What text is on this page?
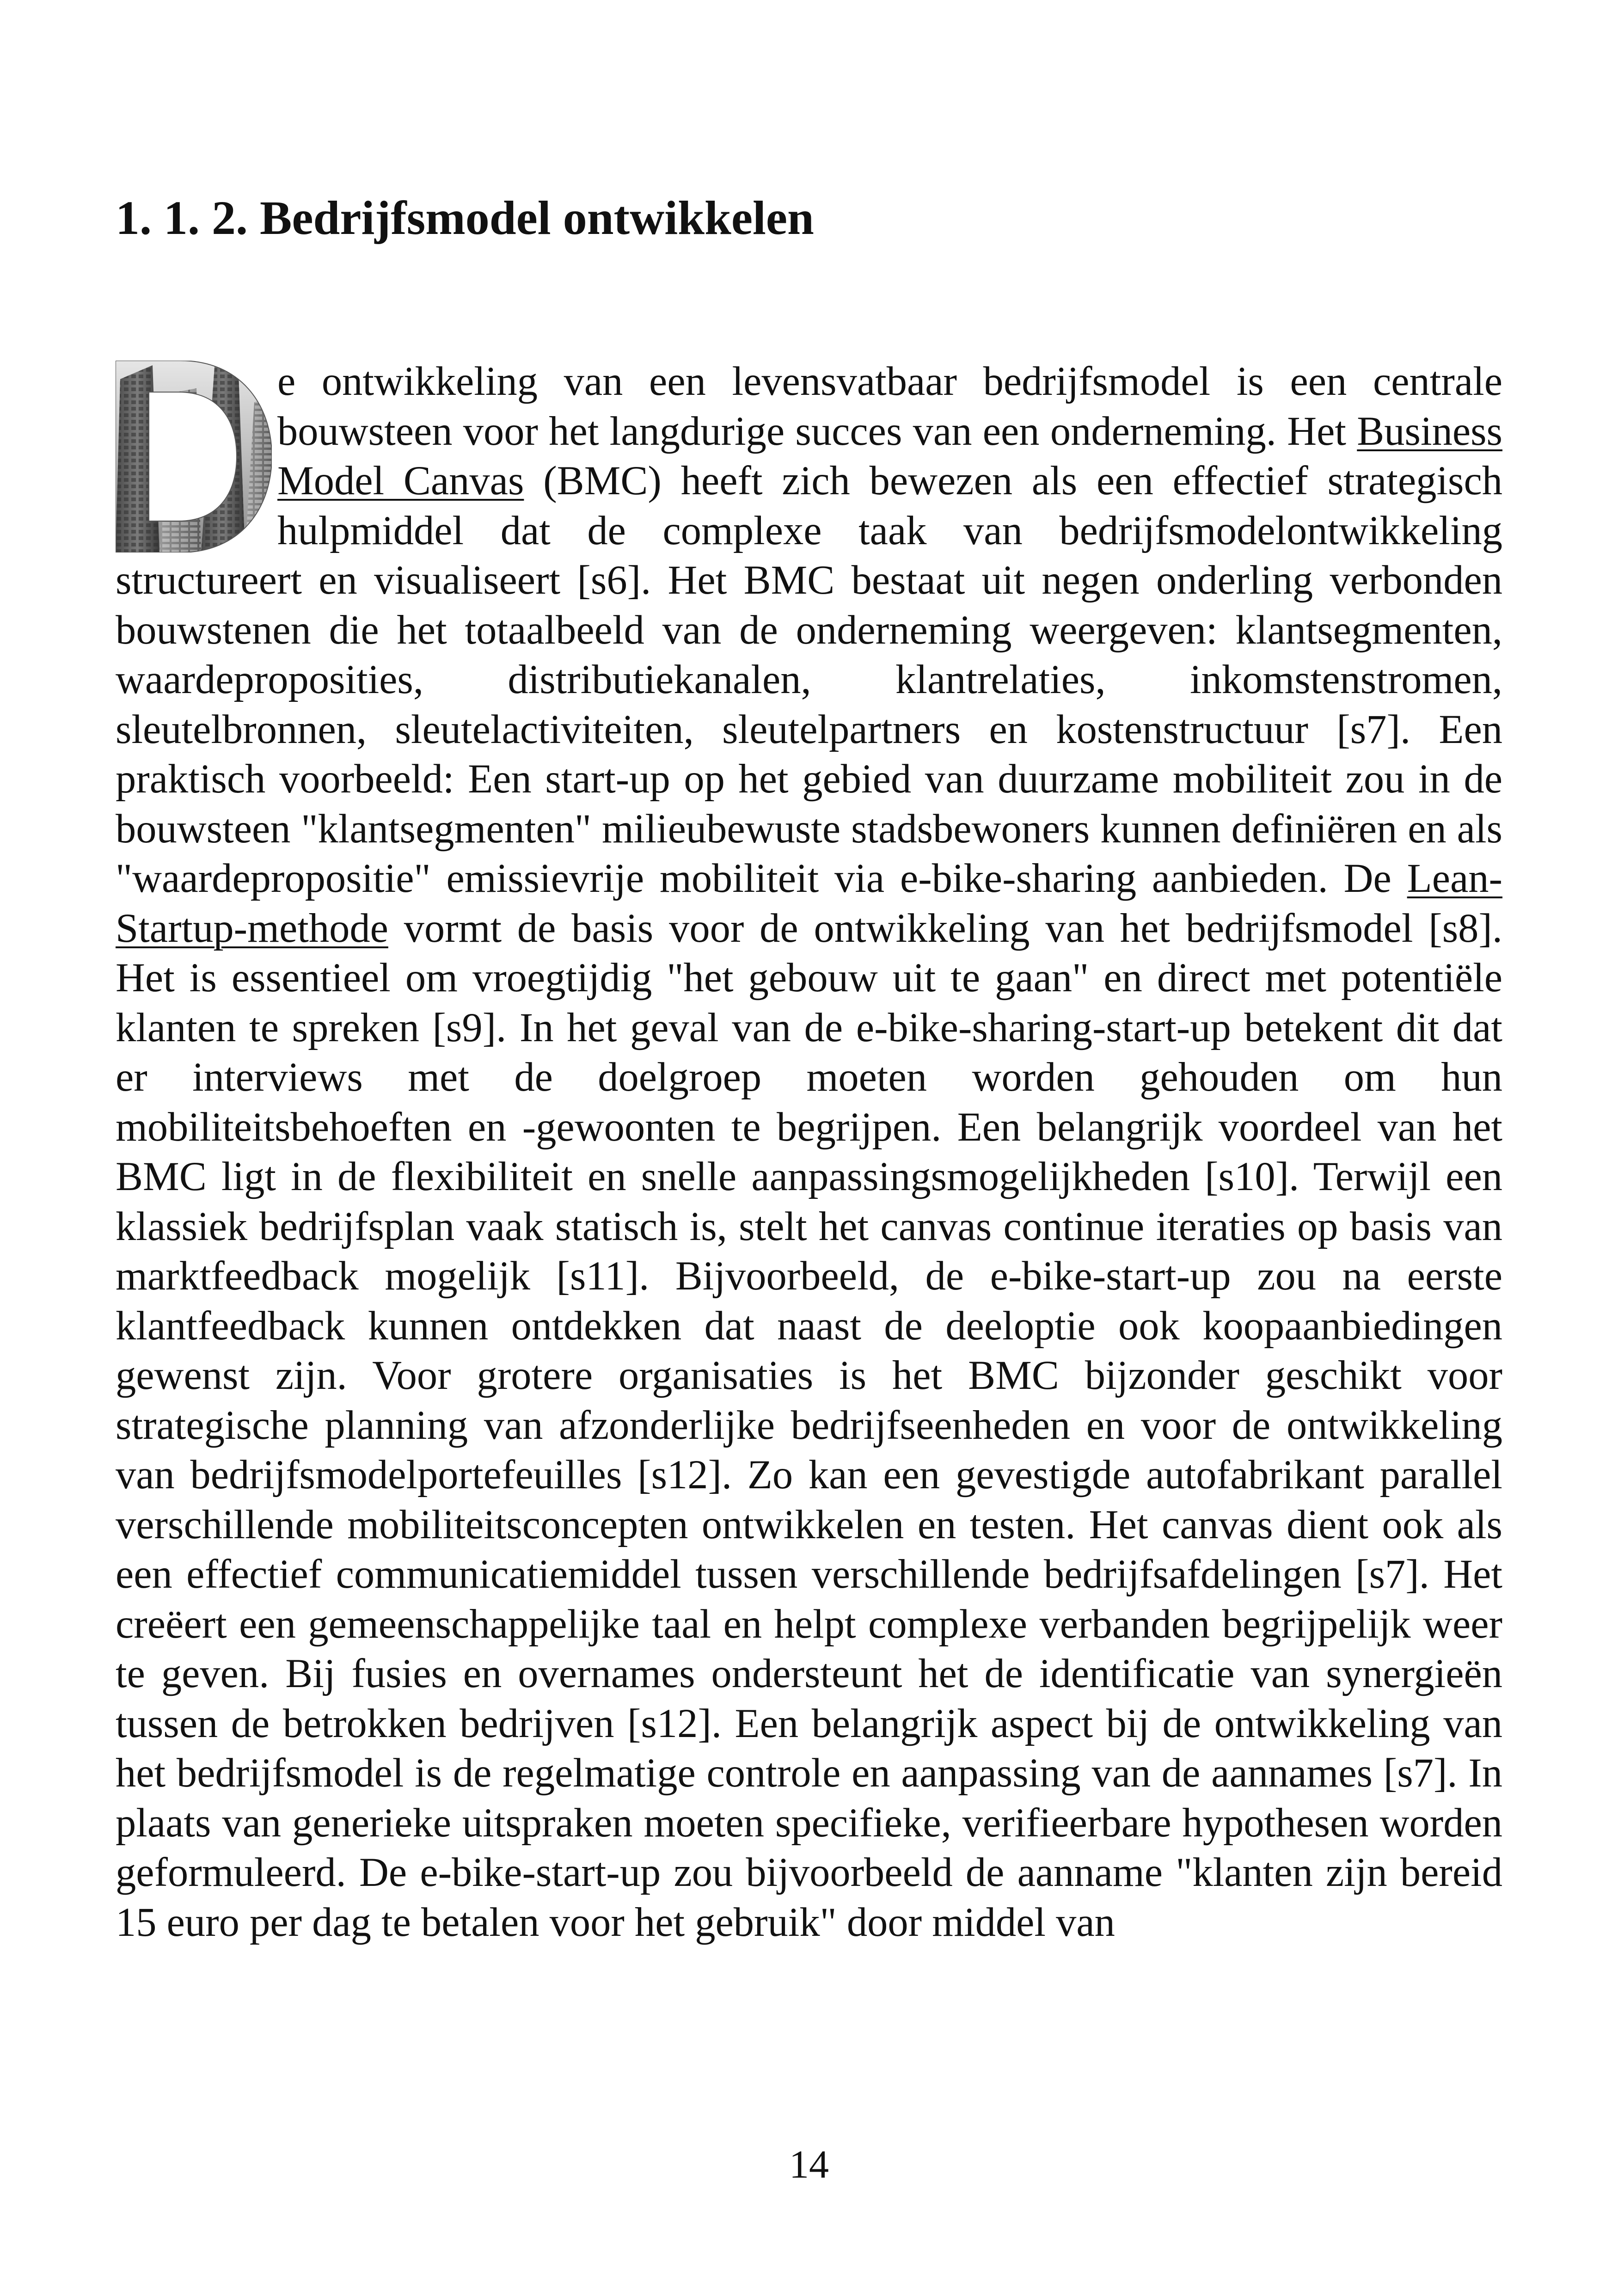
1. 1. 2. Bedrijfsmodel ontwikkelen
e ontwikkeling van een levensvatbaar bedrijfsmodel is een centrale bouwsteen voor het langdurige succes van een onderneming. Het Business Model Canvas (BMC) heeft zich bewezen als een effectief strategisch hulpmiddel dat de complexe taak van bedrijfsmodelontwikkeling structureert en visualiseert [s6]. Het BMC bestaat uit negen onderling verbonden bouwstenen die het totaalbeeld van de onderneming weergeven: klantsegmenten, waardeproposities, distributiekanalen, klantrelaties, inkomstenstromen, sleutelbronnen, sleutelactiviteiten, sleutelpartners en kostenstructuur [s7]. Een praktisch voorbeeld: Een start-up op het gebied van duurzame mobiliteit zou in de bouwsteen "klantsegmenten" milieubewuste stadsbewoners kunnen definiëren en als "waardepropositie" emissievrije mobiliteit via e-bike-sharing aanbieden. De Lean-Startup-methode vormt de basis voor de ontwikkeling van het bedrijfsmodel [s8]. Het is essentieel om vroegtijdig "het gebouw uit te gaan" en direct met potentiële klanten te spreken [s9]. In het geval van de e-bike-sharing-start-up betekent dit dat er interviews met de doelgroep moeten worden gehouden om hun mobiliteitsbehoeften en -gewoonten te begrijpen. Een belangrijk voordeel van het BMC ligt in de flexibiliteit en snelle aanpassingsmogelijkheden [s10]. Terwijl een klassiek bedrijfsplan vaak statisch is, stelt het canvas continue iteraties op basis van marktfeedback mogelijk [s11]. Bijvoorbeeld, de e-bike-start-up zou na eerste klantfeedback kunnen ontdekken dat naast de deeloptie ook koopaanbiedingen gewenst zijn. Voor grotere organisaties is het BMC bijzonder geschikt voor strategische planning van afzonderlijke bedrijfseenheden en voor de ontwikkeling van bedrijfsmodelportefeuilles [s12]. Zo kan een gevestigde autofabrikant parallel verschillende mobiliteitsconcepten ontwikkelen en testen. Het canvas dient ook als een effectief communicatiemiddel tussen verschillende bedrijfsafdelingen [s7]. Het creëert een gemeenschappelijke taal en helpt complexe verbanden begrijpelijk weer te geven. Bij fusies en overnames ondersteunt het de identificatie van synergieën tussen de betrokken bedrijven [s12]. Een belangrijk aspect bij de ontwikkeling van het bedrijfsmodel is de regelmatige controle en aanpassing van de aannames [s7]. In plaats van generieke uitspraken moeten specifieke, verifieerbare hypothesen worden geformuleerd. De e-bike-start-up zou bijvoorbeeld de aanname "klanten zijn bereid 15 euro per dag te betalen voor het gebruik" door middel van
14
